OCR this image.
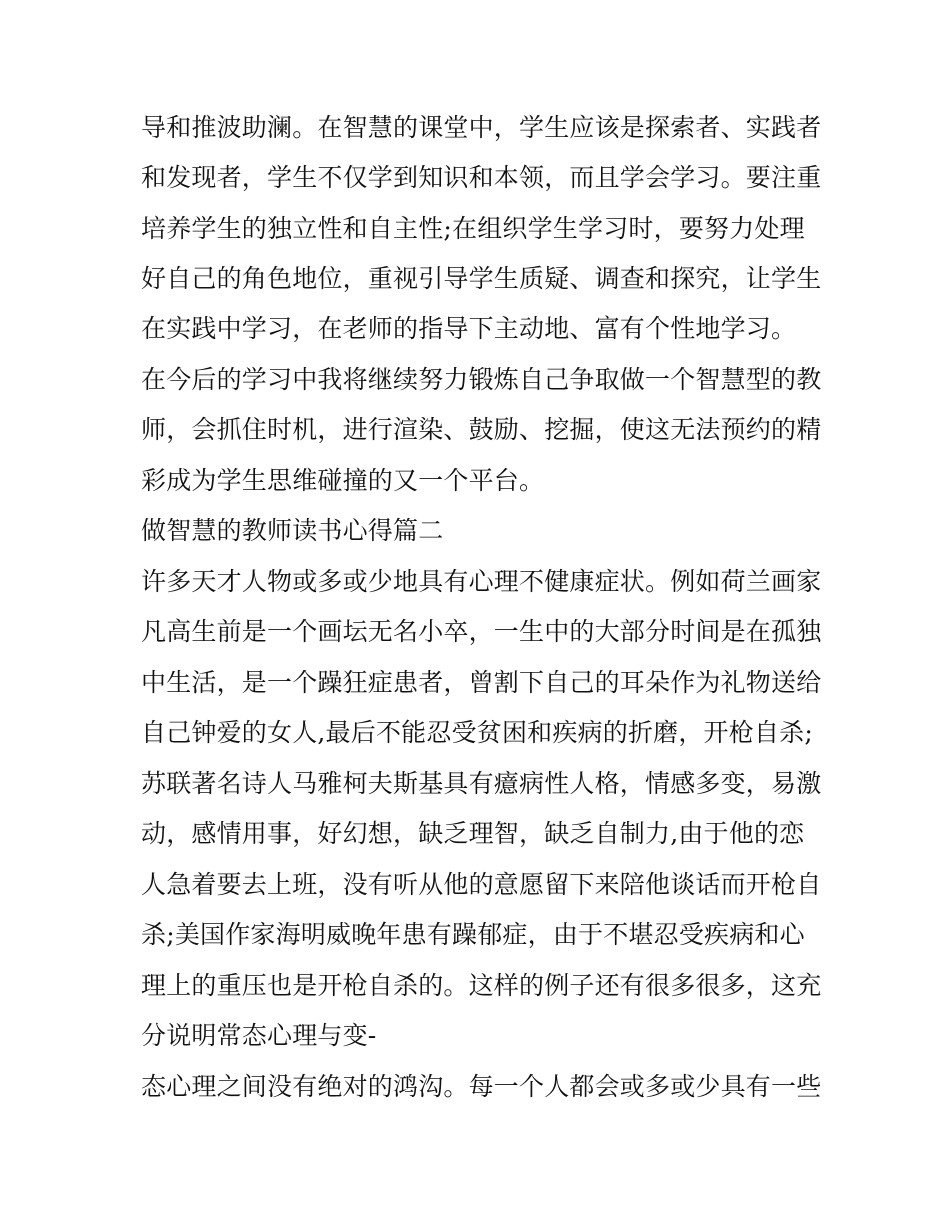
导和推波助澜。在智慧的课堂中，学生应该是探索者、实践者
和发现者，学生不仅学到知识和本领，而且学会学习。要注重
培养学生的独立性和自主性;在组织学生学习时，要努力处理
好自己的角色地位，重视引导学生质疑、调查和探究，让学生
在实践中学习，在老师的指导下主动地、富有个性地学习。
在今后的学习中我将继续努力锻炼自己争取做一个智慧型的教
师，会抓住时机，进行渲染、鼓励、挖掘，使这无法预约的精
彩成为学生思维碰撞的又一个平台。
做智慧的教师读书心得篇二
许多天才人物或多或少地具有心理不健康症状。例如荷兰画家
凡高生前是一个画坛无名小卒，一生中的大部分时间是在孤独
中生活，是一个躁狂症患者，曾割下自己的耳朵作为礼物送给
自己钟爱的女人,最后不能忍受贫困和疾病的折磨，开枪自杀;
苏联著名诗人马雅柯夫斯基具有癔病性人格，情感多变，易激
动，感情用事，好幻想，缺乏理智，缺乏自制力,由于他的恋
人急着要去上班，没有听从他的意愿留下来陪他谈话而开枪自
杀;美国作家海明威晚年患有躁郁症，由于不堪忍受疾病和心
理上的重压也是开枪自杀的。这样的例子还有很多很多，这充
分说明常态心理与变-
态心理之间没有绝对的鸿沟。每一个人都会或多或少具有一些
